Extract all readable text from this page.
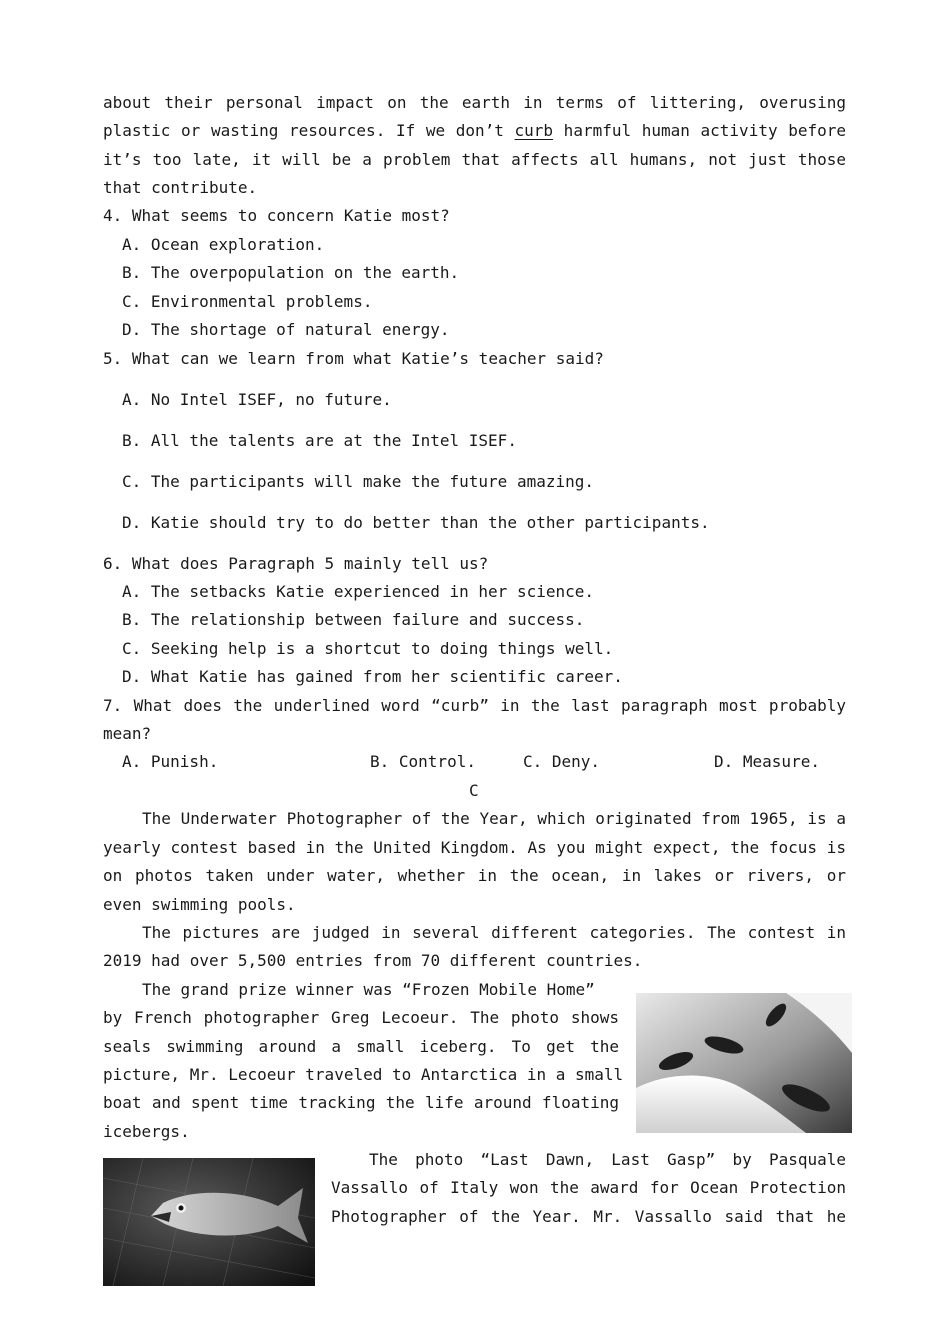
about their personal impact on the earth in terms of littering, overusing
plastic or wasting resources. If we don’t curb harmful human activity before
it’s too late, it will be a problem that affects all humans, not just those
that contribute.
4. What seems to concern Katie most?
A. Ocean exploration.
B. The overpopulation on the earth.
C. Environmental problems.
D. The shortage of natural energy.
5. What can we learn from what Katie’s teacher said?
A. No Intel ISEF, no future.
B. All the talents are at the Intel ISEF.
C. The participants will make the future amazing.
D. Katie should try to do better than the other participants.
6. What does Paragraph 5 mainly tell us?
A. The setbacks Katie experienced in her science.
B. The relationship between failure and success.
C. Seeking help is a shortcut to doing things well.
D. What Katie has gained from her scientific career.
7. What does the underlined word “curb” in the last paragraph most probably
mean?
A. Punish.	B. Control.	C. Deny.	D. Measure.
C
The Underwater Photographer of the Year, which originated from 1965, is a
yearly contest based in the United Kingdom. As you might expect, the focus is
on photos taken under water, whether in the ocean, in lakes or rivers, or
even swimming pools.
The pictures are judged in several different categories. The contest in
2019 had over 5,500 entries from 70 different countries.
The grand prize winner was “Frozen Mobile Home”
by French photographer Greg Lecoeur. The photo shows
seals swimming around a small iceberg. To get the
picture, Mr. Lecoeur traveled to Antarctica in a small
boat and spent time tracking the life around floating
icebergs.
The photo “Last Dawn, Last Gasp” by Pasquale
Vassallo of Italy won the award for Ocean Protection
Photographer of the Year. Mr. Vassallo said that he
